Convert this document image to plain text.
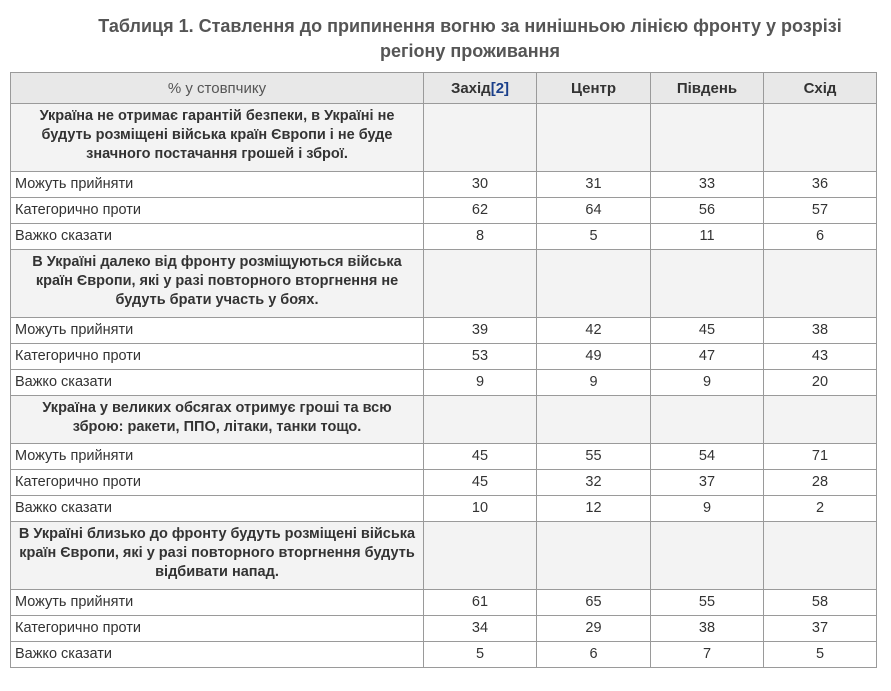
Таблиця 1. Ставлення до припинення вогню за нинішньою лінією фронту у розрізі регіону проживання
% у стовпчику	Захід[2]	Центр	Південь	Схід
Україна не отримає гарантій безпеки, в Україні не будуть розміщені війська країн Європи і не буде значного постачання грошей і зброї.				
Можуть прийняти	30	31	33	36
Категорично проти	62	64	56	57
Важко сказати	8	5	11	6
В Україні далеко від фронту розміщуються війська країн Європи, які у разі повторного вторгнення не будуть брати участь у боях.				
Можуть прийняти	39	42	45	38
Категорично проти	53	49	47	43
Важко сказати	9	9	9	20
Україна у великих обсягах отримує гроші та всю зброю: ракети, ППО, літаки, танки тощо.				
Можуть прийняти	45	55	54	71
Категорично проти	45	32	37	28
Важко сказати	10	12	9	2
В Україні близько до фронту будуть розміщені війська країн Європи, які у разі повторного вторгнення будуть відбивати напад.				
Можуть прийняти	61	65	55	58
Категорично проти	34	29	38	37
Важко сказати	5	6	7	5
